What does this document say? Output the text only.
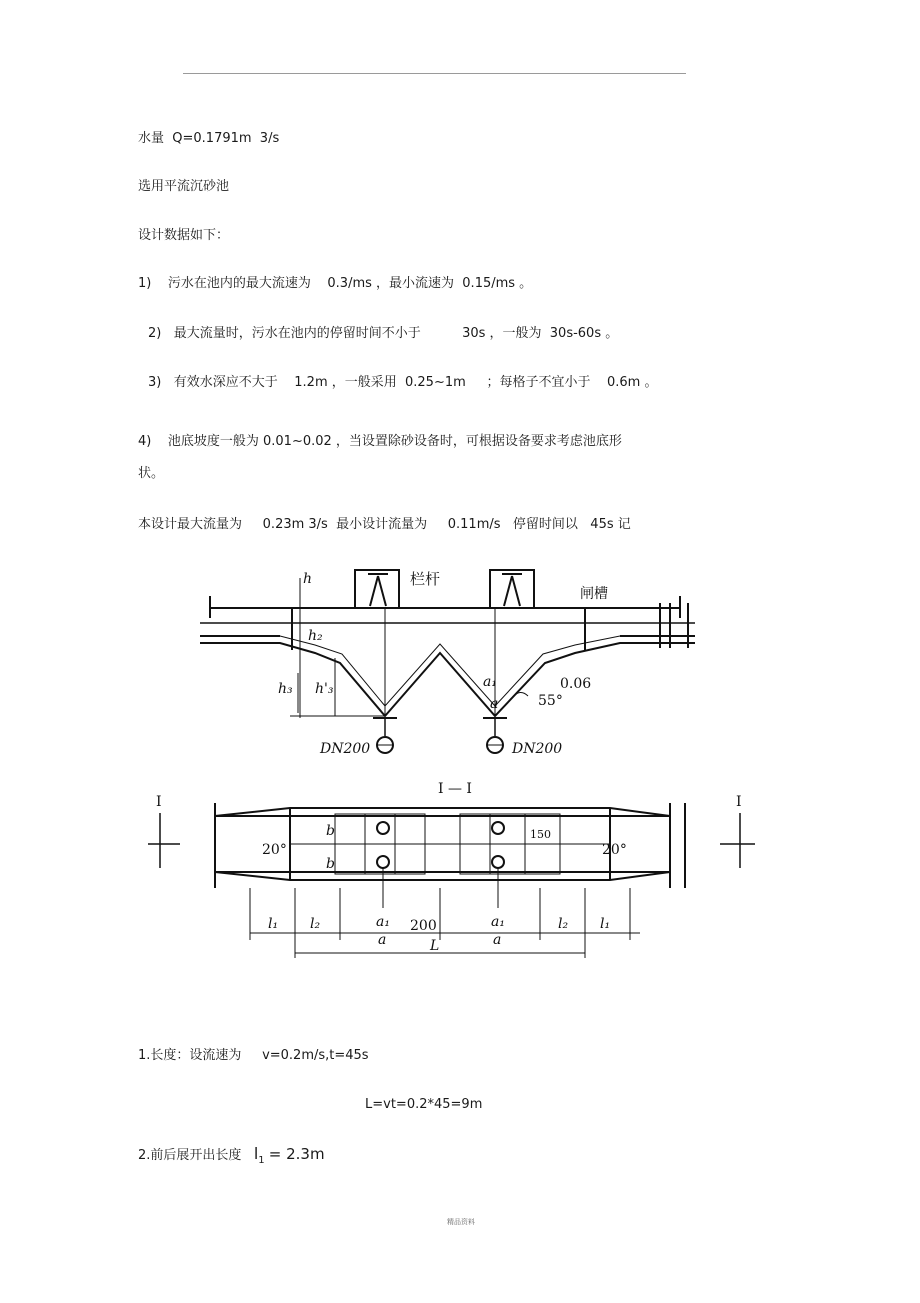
水量  Q=0.1791m  3/s
选用平流沉砂池
设计数据如下：
1)    污水在池内的最大流速为    0.3/ms ，最小流速为  0.15/ms 。
2)   最大流量时，污水在池内的停留时间不小于          30s ，一般为  30s-60s 。
3)   有效水深应不大于    1.2m ，一般采用  0.25~1m     ；每格子不宜小于    0.6m 。
4)    池底坡度一般为 0.01~0.02 ，当设置除砂设备时，可根据设备要求考虑池底形
状。
本设计最大流量为     0.23m 3/s  最小设计流量为     0.11m/s   停留时间以   45s 记
栏杆
闸槽
h
h₂
h₃ h'₃	a₁
a	55°
0.06
DN200	DN200
I — I
I	I
20°	20°
b
b
150
l₁ l₂	a₁
a
200	a₁
a
l₂ l₁
L
1.长度：设流速为     v=0.2m/s,t=45s
L=vt=0.2*45=9m
2.前后展开出长度 $l_1 = 2.3m$
精品资料
